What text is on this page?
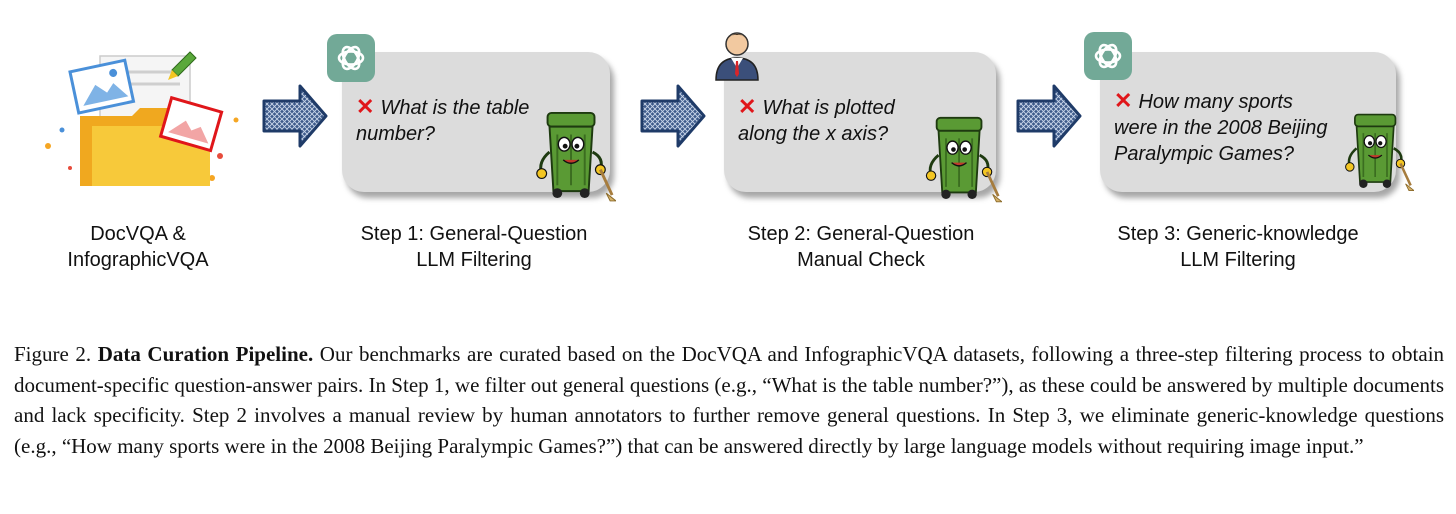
DocVQA &
InfographicVQA
✕ What is the table
number?
Step 1: General-Question
LLM Filtering
✕ What is plotted
along the x axis?
Step 2: General-Question
Manual Check
✕ How many sports
were in the 2008 Beijing
Paralympic Games?
Step 3: Generic-knowledge
LLM Filtering
Figure 2. Data Curation Pipeline. Our benchmarks are curated based on the DocVQA and InfographicVQA datasets, following a three-step filtering process to obtain document-specific question-answer pairs. In Step 1, we filter out general questions (e.g., “What is the table number?”), as these could be answered by multiple documents and lack specificity. Step 2 involves a manual review by human annotators to further remove general questions. In Step 3, we eliminate generic-knowledge questions (e.g., “How many sports were in the 2008 Beijing Paralympic Games?”) that can be answered directly by large language models without requiring image input.”
